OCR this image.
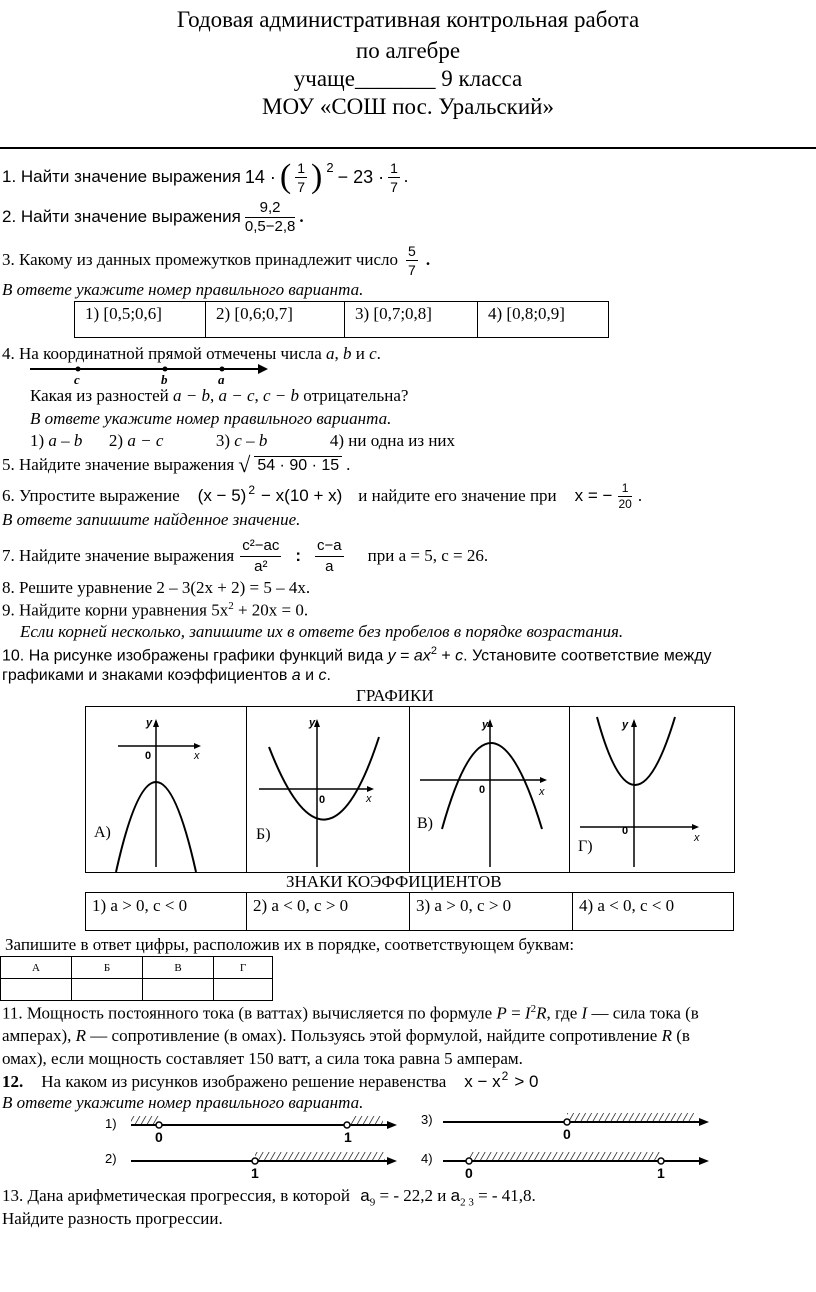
Годовая административная контрольная работа
по алгебре
учаще_______ 9 класса
МОУ «СОШ пос. Уральский»
1. Найти значение выражения 14 · ( $\frac{1}{7}$ ) $^2 - 23 \cdot \frac{1}{7}$ .
2. Найти значение выражения $\frac{9,2}{0,5-2,8}$ .
3. Какому из данных промежутков принадлежит число $\frac{5}{7}$ .
В ответе укажите номер правильного варианта.
1) [0,5;0,6]	2) [0,6;0,7]	3) [0,7;0,8]	4) [0,8;0,9]
4. На координатной прямой отмечены числа a, b и c.
c	b	a
Какая из разностей a − b, a − c, c − b отрицательна?
В ответе укажите номер правильного варианта.
1) a – b 2) a − c	3) c – b	4) ни одна из них
5. Найдите значение выражения √ 54 · 90 · 15 .
6. Упростите выражение $(x - 5)^2 - x(10 + x)$ и найдите его значение при x = − $\frac{1}{20}$ .
В ответе запишите найденное значение.
7. Найдите значение выражения $\frac{\text{c²−ac}}{\text{a²}}$ : $\frac{c-a}{a}$ при a = 5, c = 26.
8. Решите уравнение 2 – 3(2x + 2) = 5 – 4x.
9. Найдите корни уравнения $5x^2 + 20x = 0$.
Если корней несколько, запишите их в ответе без пробелов в порядке возрастания.
10. На рисунке изображены графики функций вида $y = ax^2 + c$. Установите соответствие между
графиками и знаками коэффициентов a и c.
ГРАФИКИ
y
x
0
А)
y
x
0
Б)
y
x
0
В)
y
x
0
Г)
ЗНАКИ КОЭФФИЦИЕНТОВ
1) a > 0, c < 0	2) a < 0, c > 0	3) a > 0, c > 0	4) a < 0, c < 0
Запишите в ответ цифры, расположив их в порядке, соответствующем буквам:
А	Б	В	Г

11. Мощность постоянного тока (в ваттах) вычисляется по формуле $P = I^2R$, где I — сила тока (в
амперах), R — сопротивление (в омах). Пользуясь этой формулой, найдите сопротивление R (в
омах), если мощность составляет 150 ватт, а сила тока равна 5 амперам.
12. На каком из рисунков изображено решение неравенства $x - x^2 > 0$
В ответе укажите номер правильного варианта.
1)
0	1
2)
1
3)
0
4)
0	1
13. Дана арифметическая прогрессия, в которой $a_9$ = - 22,2 и $a_{2 3}$ = - 41,8.
Найдите разность прогрессии.
